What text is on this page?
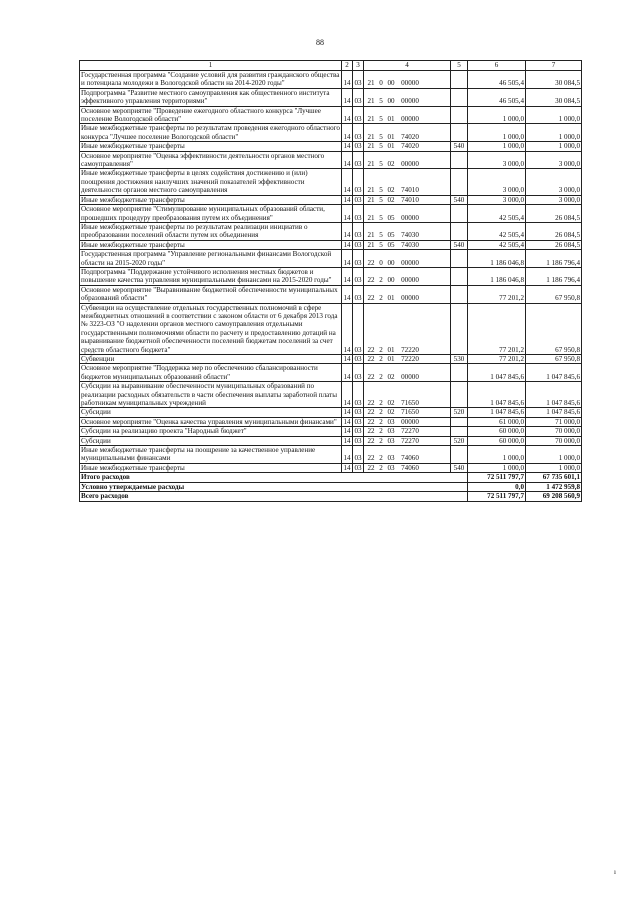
88
1	2	3	4	5	6	7
Государственная программа "Создание условий для развития гражданского общества и потенциала молодежи в Вологодской области на 2014-2020 годы"	14	03	21 0 00 00000		46 505,4	30 084,5
Подпрограмма "Развитие местного самоуправления как общественного института эффективного управления территориями"	14	03	21 5 00 00000		46 505,4	30 084,5
Основное мероприятие "Проведение ежегодного областного конкурса "Лучшее поселение Вологодской области"	14	03	21 5 01 00000		1 000,0	1 000,0
Иные межбюджетные трансферты по результатам проведения ежегодного областного конкурса "Лучшее поселение Вологодской области"	14	03	21 5 01 74020		1 000,0	1 000,0
Иные межбюджетные трансферты	14	03	21 5 01 74020	540	1 000,0	1 000,0
Основное мероприятие "Оценка эффективности деятельности органов местного самоуправления"	14	03	21 5 02 00000		3 000,0	3 000,0
Иные межбюджетные трансферты в целях содействия достижению и (или) поощрения достижения наилучших значений показателей эффективности деятельности органов местного самоуправления	14	03	21 5 02 74010		3 000,0	3 000,0
Иные межбюджетные трансферты	14	03	21 5 02 74010	540	3 000,0	3 000,0
Основное мероприятие "Стимулирование муниципальных образований области, прошедших процедуру преобразования путем их объединения"	14	03	21 5 05 00000		42 505,4	26 084,5
Иные межбюджетные трансферты по результатам реализации инициатив о преобразовании поселений области путем их объединения	14	03	21 5 05 74030		42 505,4	26 084,5
Иные межбюджетные трансферты	14	03	21 5 05 74030	540	42 505,4	26 084,5
Государственная программа "Управление региональными финансами Вологодской области на 2015-2020 годы"	14	03	22 0 00 00000		1 186 046,8	1 186 796,4
Подпрограмма "Поддержание устойчивого исполнения местных бюджетов и повышение качества управления муниципальными финансами на 2015-2020 годы"	14	03	22 2 00 00000		1 186 046,8	1 186 796,4
Основное мероприятие "Выравнивание бюджетной обеспеченности муниципальных образований области"	14	03	22 2 01 00000		77 201,2	67 950,8
Субвенции на осуществление отдельных государственных полномочий в сфере межбюджетных отношений в соответствии с законом области от 6 декабря 2013 года № 3223-ОЗ "О наделении органов местного самоуправления отдельными государственными полномочиями области по расчету и предоставлению дотаций на выравнивание бюджетной обеспеченности поселений бюджетам поселений за счет средств областного бюджета"	14	03	22 2 01 72220		77 201,2	67 950,8
Субвенции	14	03	22 2 01 72220	530	77 201,2	67 950,8
Основное мероприятие "Поддержка мер по обеспечению сбалансированности бюджетов муниципальных образований области"	14	03	22 2 02 00000		1 047 845,6	1 047 845,6
Субсидии на выравнивание обеспеченности муниципальных образований по реализации расходных обязательств в части обеспечения выплаты заработной платы работникам муниципальных учреждений	14	03	22 2 02 71650		1 047 845,6	1 047 845,6
Субсидии	14	03	22 2 02 71650	520	1 047 845,6	1 047 845,6
Основное мероприятие "Оценка качества управления муниципальными финансами"	14	03	22 2 03 00000		61 000,0	71 000,0
Субсидии на реализацию проекта "Народный бюджет"	14	03	22 2 03 72270		60 000,0	70 000,0
Субсидии	14	03	22 2 03 72270	520	60 000,0	70 000,0
Иные межбюджетные трансферты на поощрение за качественное управление муниципальными финансами	14	03	22 2 03 74060		1 000,0	1 000,0
Иные межбюджетные трансферты	14	03	22 2 03 74060	540	1 000,0	1 000,0
Итого расходов					72 511 797,7	67 735 601,1
Условно утверждаемые расходы					0,0	1 472 959,8
Всего расходов					72 511 797,7	69 208 560,9
ı
